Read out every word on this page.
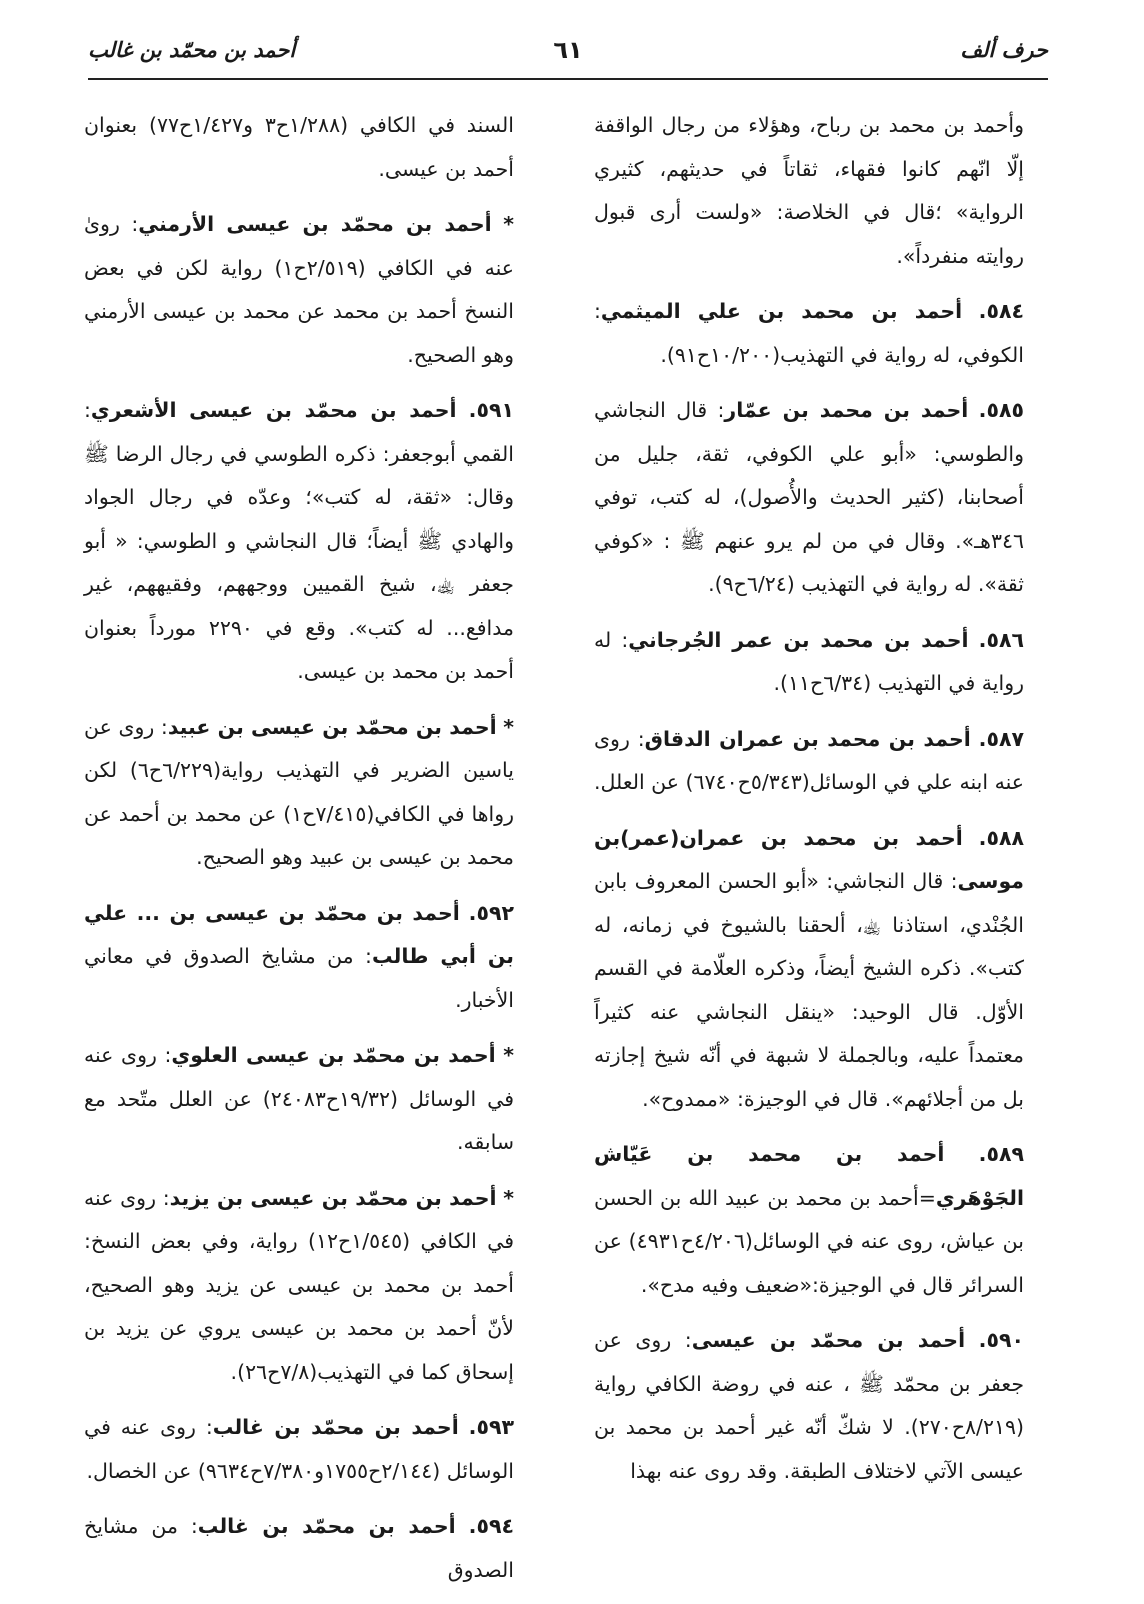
حرف ألف
٦١
أحمد بن محمّد بن غالب

وأحمد بن محمد بن رباح، وهؤلاء من رجال الواقفة إلّا انّهم كانوا فقهاء، ثقاتاً في حديثهم، كثيري الرواية» ؛قال في الخلاصة: «ولست أرى قبول روايته منفرداً».

٥٨٤. أحمد بن محمد بن علي الميثمي: الكوفي، له رواية في التهذيب(١٠/٢٠٠ح٩١).

٥٨٥. أحمد بن محمد بن عمّار: قال النجاشي والطوسي: «أبو علي الكوفي، ثقة، جليل من أصحابنا، (كثير الحديث والأُصول)، له كتب، توفي ٣٤٦هـ». وقال في من لم يرو عنهم ﷺ : «كوفي ثقة». له رواية في التهذيب (٦/٢٤ح٩).

٥٨٦. أحمد بن محمد بن عمر الجُرجاني: له رواية في التهذيب (٦/٣٤ح١١).

٥٨٧. أحمد بن محمد بن عمران الدقاق: روى عنه ابنه علي في الوسائل(٥/٣٤٣ح٦٧٤٠) عن العلل.

٥٨٨. أحمد بن محمد بن عمران(عمر)بن موسى: قال النجاشي: «أبو الحسن المعروف بابن الجُنْدي، استاذنا ﵀، ألحقنا بالشيوخ في زمانه، له كتب». ذكره الشيخ أيضاً، وذكره العلّامة في القسم الأوّل. قال الوحيد: «ينقل النجاشي عنه كثيراً معتمداً عليه، وبالجملة لا شبهة في أنّه شيخ إجازته بل من أجلائهم». قال في الوجيزة: «ممدوح».

٥٨٩. أحمد بن محمد بن عَيّاش الجَوْهَري=أحمد بن محمد بن عبيد الله بن الحسن بن عياش، روى عنه في الوسائل(٤/٢٠٦ح٤٩٣١) عن السرائر قال في الوجيزة:«ضعيف وفيه مدح».

٥٩٠. أحمد بن محمّد بن عيسى: روى عن جعفر بن محمّد ﷺ ، عنه في روضة الكافي رواية (٨/٢١٩ح٢٧٠). لا شكّ أنّه غير أحمد بن محمد بن عيسى الآتي لاختلاف الطبقة. وقد روى عنه بهذا

السند في الكافي (١/٢٨٨ح٣ و١/٤٢٧ح٧٧) بعنوان أحمد بن عيسى.

* أحمد بن محمّد بن عيسى الأرمني: روىٰ عنه في الكافي (٢/٥١٩ح١) رواية لكن في بعض النسخ أحمد بن محمد عن محمد بن عيسى الأرمني وهو الصحيح.

٥٩١. أحمد بن محمّد بن عيسى الأشعري: القمي أبوجعفر: ذكره الطوسي في رجال الرضا ﷺ وقال: «ثقة، له كتب»؛ وعدّه في رجال الجواد والهادي ﷺ أيضاً؛ قال النجاشي و الطوسي: « أبو جعفر ﵀، شيخ القميين ووجههم، وفقيههم، غير مدافع... له كتب». وقع في ٢٢٩٠ مورداً بعنوان أحمد بن محمد بن عيسى.

* أحمد بن محمّد بن عيسى بن عبيد: روى عن ياسين الضرير في التهذيب رواية(٦/٢٢٩ح٦) لكن رواها في الكافي(٧/٤١٥ح١) عن محمد بن أحمد عن محمد بن عيسى بن عبيد وهو الصحيح.

٥٩٢. أحمد بن محمّد بن عيسى بن ... علي بن أبي طالب: من مشايخ الصدوق في معاني الأخبار.

* أحمد بن محمّد بن عيسى العلوي: روى عنه في الوسائل (١٩/٣٢ح٢٤٠٨٣) عن العلل متّحد مع سابقه.

* أحمد بن محمّد بن عيسى بن يزيد: روى عنه في الكافي (١/٥٤٥ح١٢) رواية، وفي بعض النسخ: أحمد بن محمد بن عيسى عن يزيد وهو الصحيح، لأنّ أحمد بن محمد بن عيسى يروي عن يزيد بن إسحاق كما في التهذيب(٧/٨ح٢٦).

٥٩٣. أحمد بن محمّد بن غالب: روى عنه في الوسائل (٢/١٤٤ح١٧٥٥و٧/٣٨٠ح٩٦٣٤) عن الخصال.

٥٩٤. أحمد بن محمّد بن غالب: من مشايخ الصدوق
